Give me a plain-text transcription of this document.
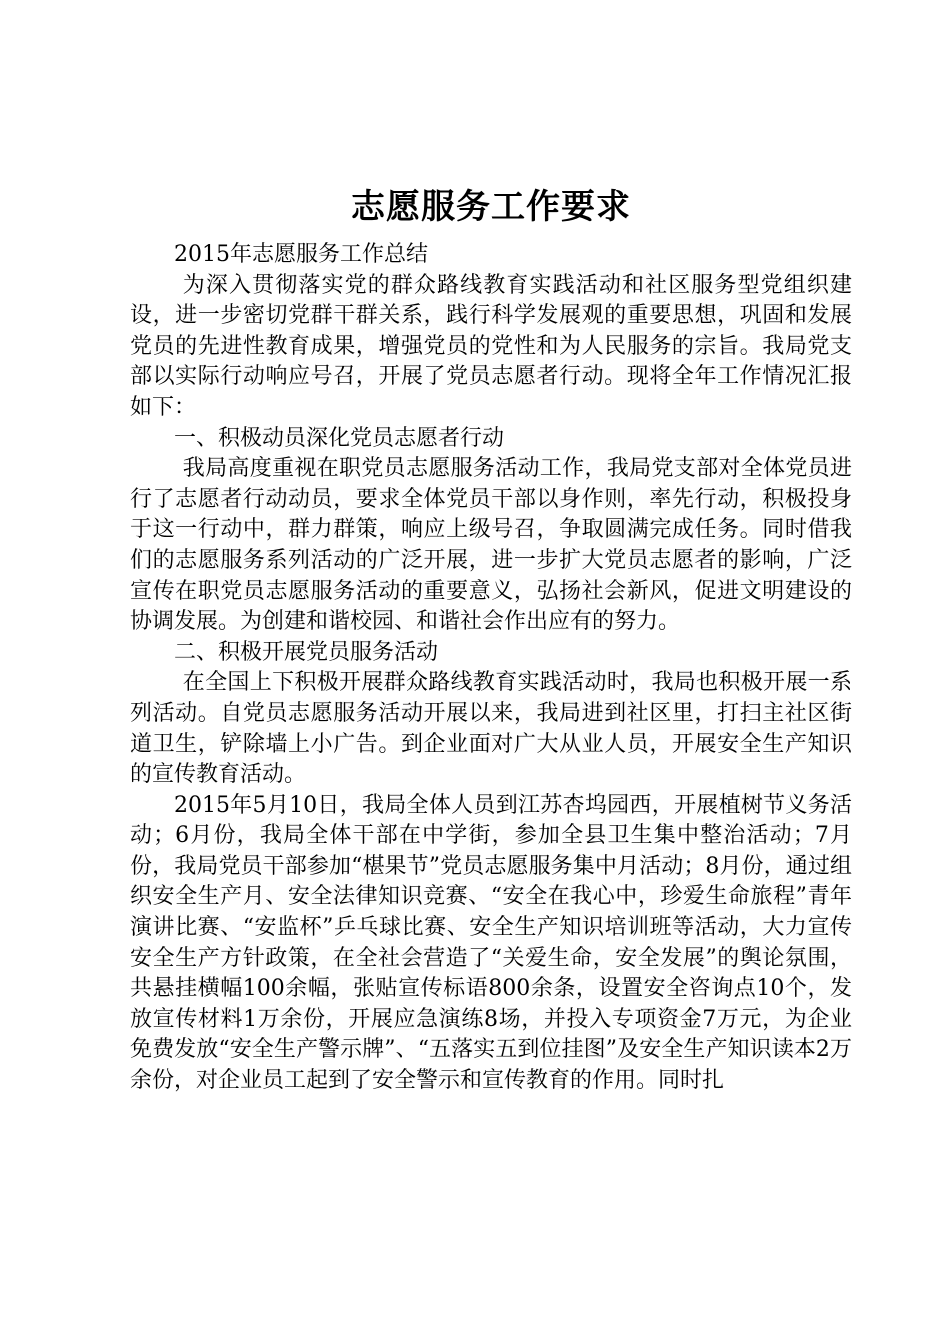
志愿服务工作要求

2015年志愿服务工作总结

为深入贯彻落实党的群众路线教育实践活动和社区服务型党组织建设，进一步密切党群干群关系，践行科学发展观的重要思想，巩固和发展党员的先进性教育成果，增强党员的党性和为人民服务的宗旨。我局党支部以实际行动响应号召，开展了党员志愿者行动。现将全年工作情况汇报如下：

一、积极动员深化党员志愿者行动

我局高度重视在职党员志愿服务活动工作，我局党支部对全体党员进行了志愿者行动动员，要求全体党员干部以身作则，率先行动，积极投身于这一行动中，群力群策，响应上级号召，争取圆满完成任务。同时借我们的志愿服务系列活动的广泛开展，进一步扩大党员志愿者的影响，广泛宣传在职党员志愿服务活动的重要意义，弘扬社会新风，促进文明建设的协调发展。为创建和谐校园、和谐社会作出应有的努力。

二、积极开展党员服务活动

在全国上下积极开展群众路线教育实践活动时，我局也积极开展一系列活动。自党员志愿服务活动开展以来，我局进到社区里，打扫主社区街道卫生，铲除墙上小广告。到企业面对广大从业人员，开展安全生产知识的宣传教育活动。

2015年5月10日，我局全体人员到江苏杏坞园西，开展植树节义务活动；6月份，我局全体干部在中学街，参加全县卫生集中整治活动；7月份，我局党员干部参加“椹果节”党员志愿服务集中月活动；8月份，通过组织安全生产月、安全法律知识竞赛、“安全在我心中，珍爱生命旅程”青年演讲比赛、“安监杯”乒乓球比赛、安全生产知识培训班等活动，大力宣传安全生产方针政策，在全社会营造了“关爱生命，安全发展”的舆论氛围，共悬挂横幅100余幅，张贴宣传标语800余条，设置安全咨询点10个，发放宣传材料1万余份，开展应急演练8场，并投入专项资金7万元，为企业免费发放“安全生产警示牌”、“五落实五到位挂图”及安全生产知识读本2万余份，对企业员工起到了安全警示和宣传教育的作用。同时扎
